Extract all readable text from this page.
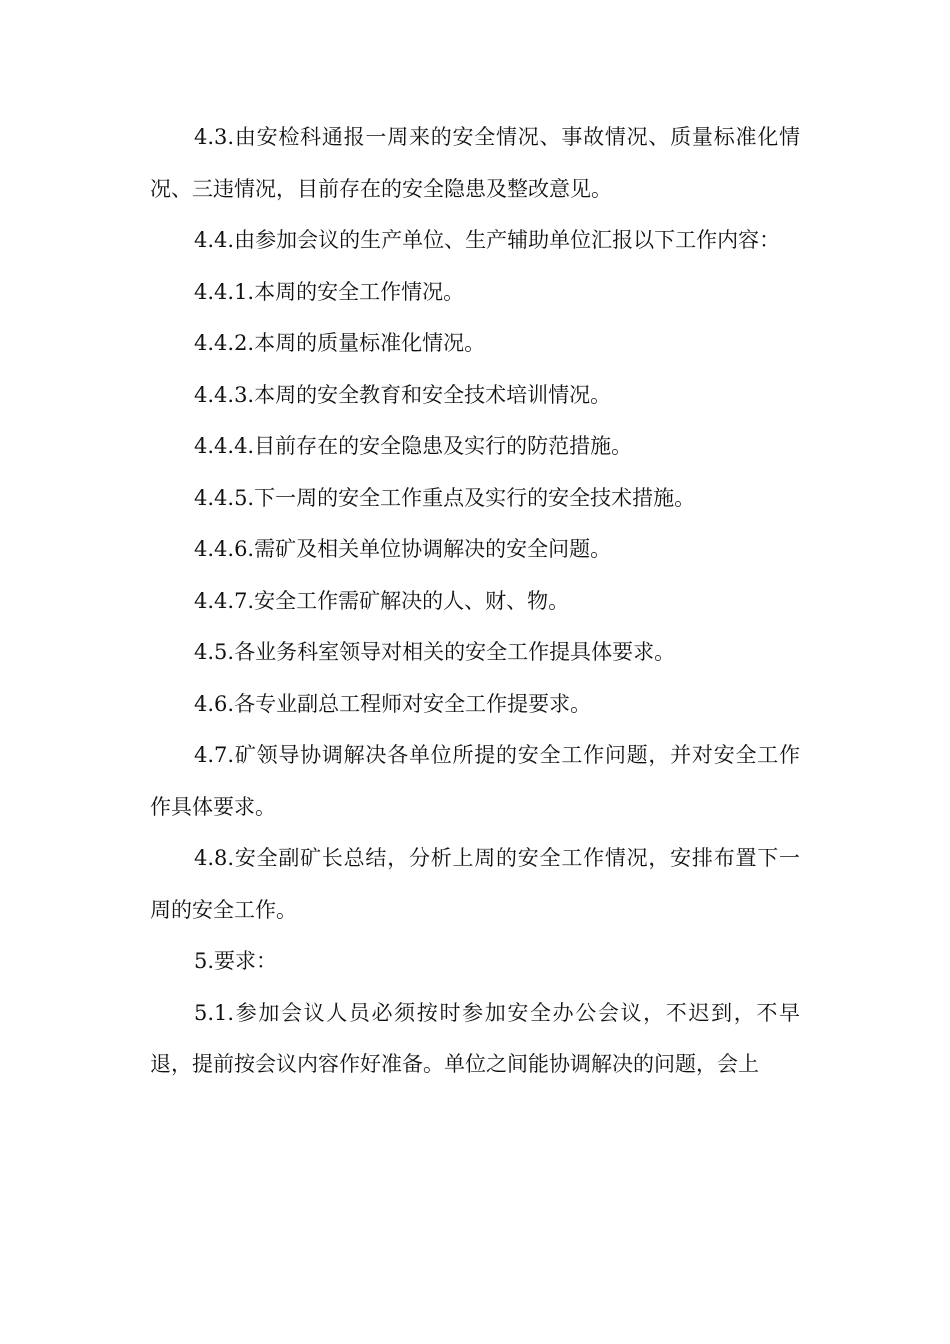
4.3.由安检科通报一周来的安全情况、事故情况、质量标准化情况、三违情况，目前存在的安全隐患及整改意见。

4.4.由参加会议的生产单位、生产辅助单位汇报以下工作内容：

4.4.1.本周的安全工作情况。

4.4.2.本周的质量标准化情况。

4.4.3.本周的安全教育和安全技术培训情况。

4.4.4.目前存在的安全隐患及实行的防范措施。

4.4.5.下一周的安全工作重点及实行的安全技术措施。

4.4.6.需矿及相关单位协调解决的安全问题。

4.4.7.安全工作需矿解决的人、财、物。

4.5.各业务科室领导对相关的安全工作提具体要求。

4.6.各专业副总工程师对安全工作提要求。

4.7.矿领导协调解决各单位所提的安全工作问题，并对安全工作作具体要求。

4.8.安全副矿长总结，分析上周的安全工作情况，安排布置下一周的安全工作。

5.要求：

5.1.参加会议人员必须按时参加安全办公会议，不迟到，不早退，提前按会议内容作好准备。单位之间能协调解决的问题，会上
